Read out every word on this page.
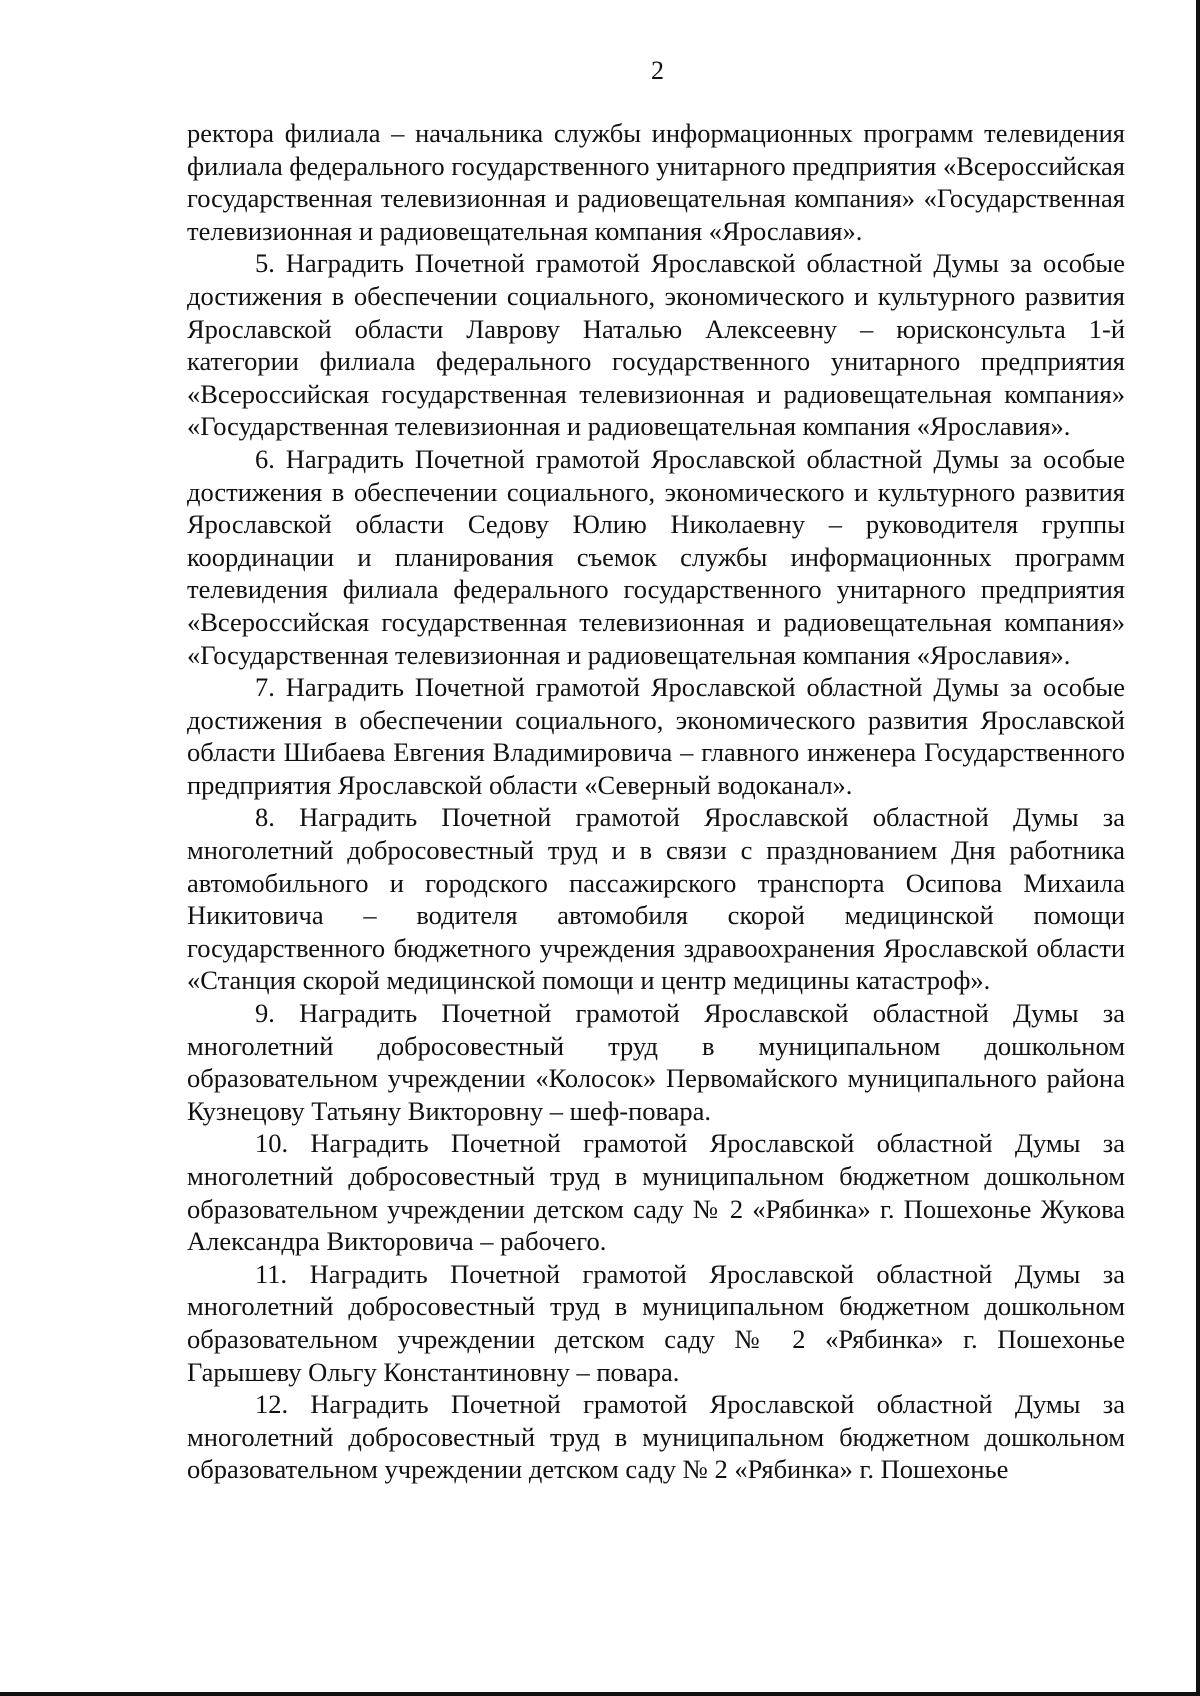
2

ректора филиала – начальника службы информационных программ телевидения филиала федерального государственного унитарного предприятия «Всероссийская государственная телевизионная и радиовещательная компания» «Государственная телевизионная и радиовещательная компания «Ярославия».

5. Наградить Почетной грамотой Ярославской областной Думы за особые достижения в обеспечении социального, экономического и культурного развития Ярославской области Лаврову Наталью Алексеевну – юрисконсульта 1-й категории филиала федерального государственного унитарного предприятия «Всероссийская государственная телевизионная и радиовещательная компания» «Государственная телевизионная и радиовещательная компания «Ярославия».

6. Наградить Почетной грамотой Ярославской областной Думы за особые достижения в обеспечении социального, экономического и культурного развития Ярославской области Седову Юлию Николаевну – руководителя группы координации и планирования съемок службы информационных программ телевидения филиала федерального государственного унитарного предприятия «Всероссийская государственная телевизионная и радиовещательная компания» «Государственная телевизионная и радиовещательная компания «Ярославия».

7. Наградить Почетной грамотой Ярославской областной Думы за особые достижения в обеспечении социального, экономического развития Ярославской области Шибаева Евгения Владимировича – главного инженера Государственного предприятия Ярославской области «Северный водоканал».

8. Наградить Почетной грамотой Ярославской областной Думы за многолетний добросовестный труд и в связи с празднованием Дня работника автомобильного и городского пассажирского транспорта Осипова Михаила Никитовича – водителя автомобиля скорой медицинской помощи государственного бюджетного учреждения здравоохранения Ярославской области «Станция скорой медицинской помощи и центр медицины катастроф».

9. Наградить Почетной грамотой Ярославской областной Думы за многолетний добросовестный труд в муниципальном дошкольном образовательном учреждении «Колосок» Первомайского муниципального района Кузнецову Татьяну Викторовну – шеф-повара.

10. Наградить Почетной грамотой Ярославской областной Думы за многолетний добросовестный труд в муниципальном бюджетном дошкольном образовательном учреждении детском саду № 2 «Рябинка» г. Пошехонье Жукова Александра Викторовича – рабочего.

11. Наградить Почетной грамотой Ярославской областной Думы за многолетний добросовестный труд в муниципальном бюджетном дошкольном образовательном учреждении детском саду № 2 «Рябинка» г. Пошехонье Гарышеву Ольгу Константиновну – повара.

12. Наградить Почетной грамотой Ярославской областной Думы за многолетний добросовестный труд в муниципальном бюджетном дошкольном образовательном учреждении детском саду № 2 «Рябинка» г. Пошехонье
